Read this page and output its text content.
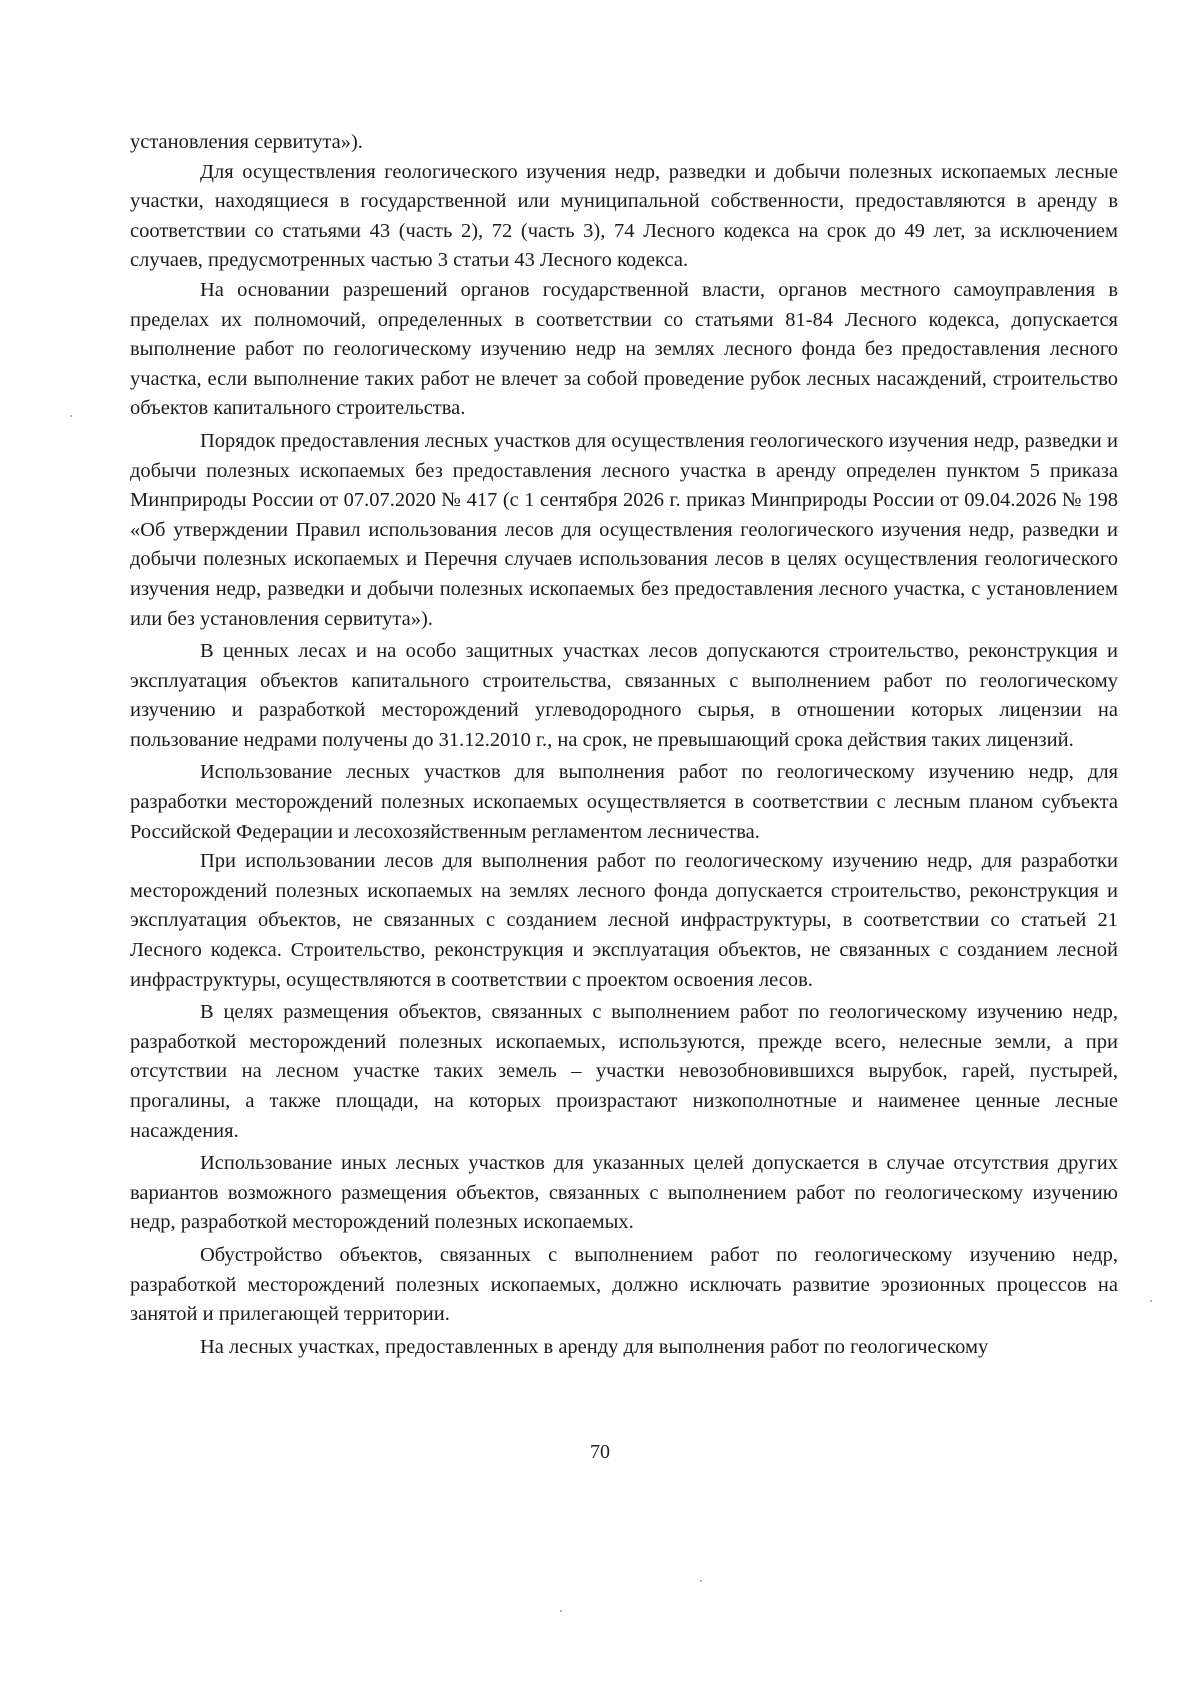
установления сервитута»).

Для осуществления геологического изучения недр, разведки и добычи полезных ископаемых лесные участки, находящиеся в государственной или муниципальной собственности, предоставляются в аренду в соответствии со статьями 43 (часть 2), 72 (часть 3), 74 Лесного кодекса на срок до 49 лет, за исключением случаев, предусмотренных частью 3 статьи 43 Лесного кодекса.

На основании разрешений органов государственной власти, органов местного самоуправления в пределах их полномочий, определенных в соответствии со статьями 81-84 Лесного кодекса, допускается выполнение работ по геологическому изучению недр на землях лесного фонда без предоставления лесного участка, если выполнение таких работ не влечет за собой проведение рубок лесных насаждений, строительство объектов капитального строительства.

Порядок предоставления лесных участков для осуществления геологического изучения недр, разведки и добычи полезных ископаемых без предоставления лесного участка в аренду определен пунктом 5 приказа Минприроды России от 07.07.2020 № 417 (с 1 сентября 2026 г. приказ Минприроды России от 09.04.2026 № 198 «Об утверждении Правил использования лесов для осуществления геологического изучения недр, разведки и добычи полезных ископаемых и Перечня случаев использования лесов в целях осуществления геологического изучения недр, разведки и добычи полезных ископаемых без предоставления лесного участка, с установлением или без установления сервитута»).

В ценных лесах и на особо защитных участках лесов допускаются строительство, реконструкция и эксплуатация объектов капитального строительства, связанных с выполнением работ по геологическому изучению и разработкой месторождений углеводородного сырья, в отношении которых лицензии на пользование недрами получены до 31.12.2010 г., на срок, не превышающий срока действия таких лицензий.

Использование лесных участков для выполнения работ по геологическому изучению недр, для разработки месторождений полезных ископаемых осуществляется в соответствии с лесным планом субъекта Российской Федерации и лесохозяйственным регламентом лесничества.

При использовании лесов для выполнения работ по геологическому изучению недр, для разработки месторождений полезных ископаемых на землях лесного фонда допускается строительство, реконструкция и эксплуатация объектов, не связанных с созданием лесной инфраструктуры, в соответствии со статьей 21 Лесного кодекса. Строительство, реконструкция и эксплуатация объектов, не связанных с созданием лесной инфраструктуры, осуществляются в соответствии с проектом освоения лесов.

В целях размещения объектов, связанных с выполнением работ по геологическому изучению недр, разработкой месторождений полезных ископаемых, используются, прежде всего, нелесные земли, а при отсутствии на лесном участке таких земель – участки невозобновившихся вырубок, гарей, пустырей, прогалины, а также площади, на которых произрастают низкополнотные и наименее ценные лесные насаждения.

Использование иных лесных участков для указанных целей допускается в случае отсутствия других вариантов возможного размещения объектов, связанных с выполнением работ по геологическому изучению недр, разработкой месторождений полезных ископаемых.

Обустройство объектов, связанных с выполнением работ по геологическому изучению недр, разработкой месторождений полезных ископаемых, должно исключать развитие эрозионных процессов на занятой и прилегающей территории.

На лесных участках, предоставленных в аренду для выполнения работ по геологическому

70
